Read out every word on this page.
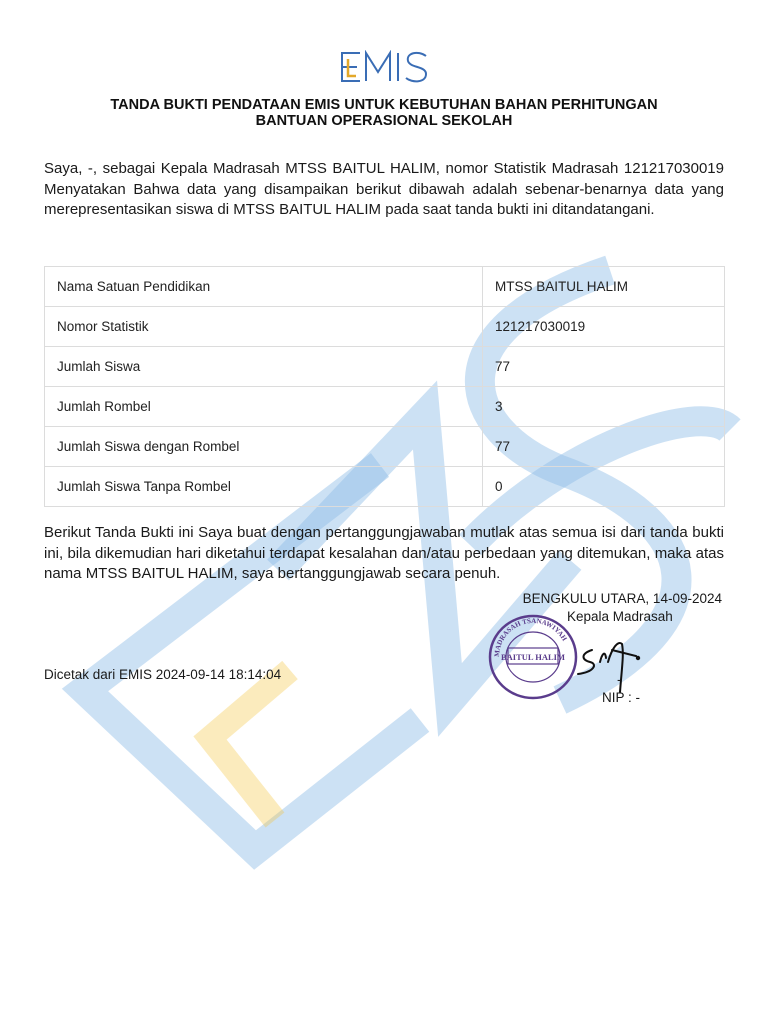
TANDA BUKTI PENDATAAN EMIS UNTUK KEBUTUHAN BAHAN PERHITUNGAN
BANTUAN OPERASIONAL SEKOLAH
Saya, -, sebagai Kepala Madrasah MTSS BAITUL HALIM, nomor Statistik Madrasah 121217030019 Menyatakan Bahwa data yang disampaikan berikut dibawah adalah sebenar-benarnya data yang merepresentasikan siswa di MTSS BAITUL HALIM pada saat tanda bukti ini ditandatangani.
Nama Satuan Pendidikan	MTSS BAITUL HALIM
Nomor Statistik	121217030019
Jumlah Siswa	77
Jumlah Rombel	3
Jumlah Siswa dengan Rombel	77
Jumlah Siswa Tanpa Rombel	0
Berikut Tanda Bukti ini Saya buat dengan pertanggungjawaban mutlak atas semua isi dari tanda bukti ini, bila dikemudian hari diketahui terdapat kesalahan dan/atau perbedaan yang ditemukan, maka atas nama MTSS BAITUL HALIM, saya bertanggungjawab secara penuh.
BENGKULU UTARA, 14-09-2024
Kepala Madrasah
MADRASAH TSANAWIYAH
BAITUL HALIM
-
NIP : -
Dicetak dari EMIS 2024-09-14 18:14:04
